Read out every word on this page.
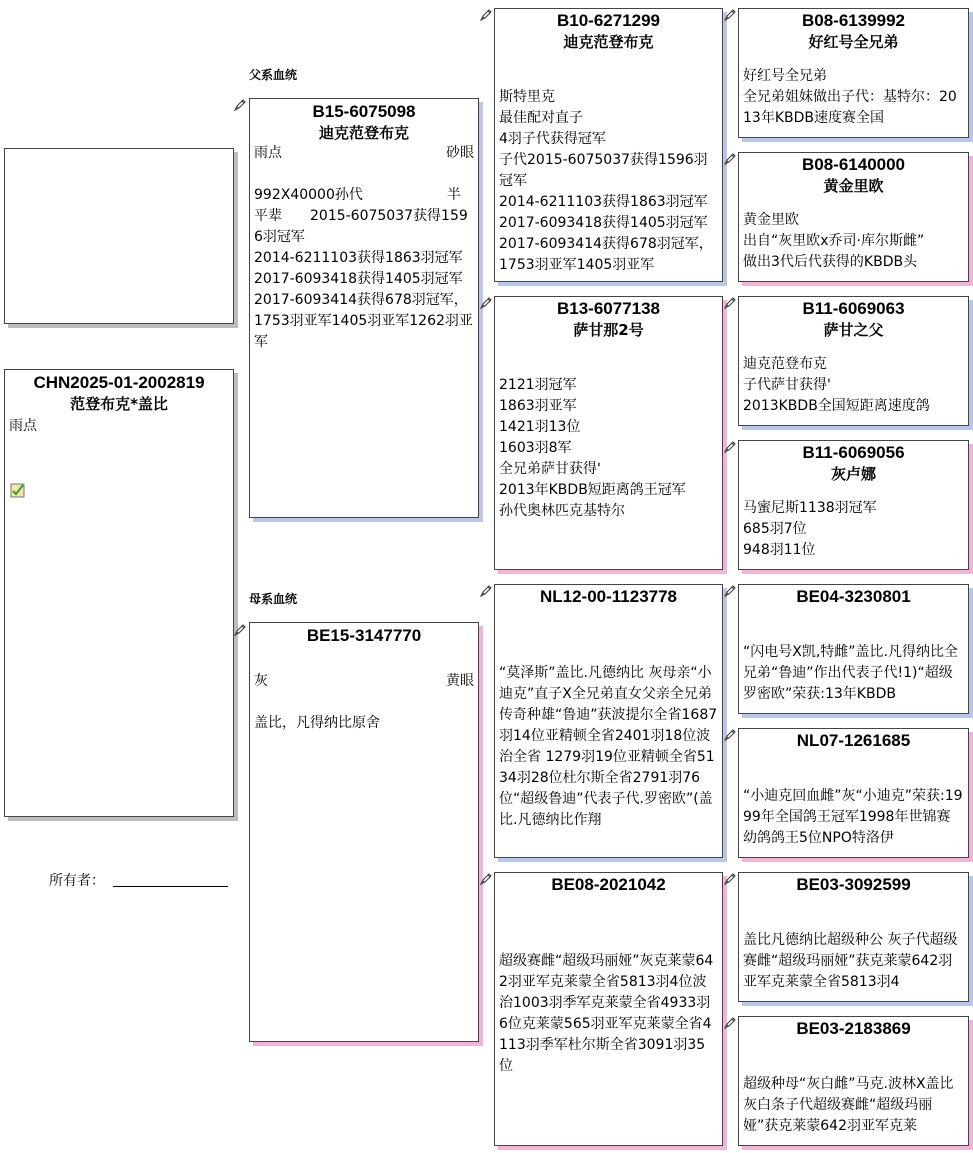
父系血统
母系血统
CHN2025-01-2002819
范登布克*盖比
雨点
所有者：
B15-6075098
迪克范登布克
雨点	砂眼
992X40000孙代　　　　　　半平辈　　2015-6075037获得1596羽冠军
2014-6211103获得1863羽冠军
2017-6093418获得1405羽冠军
2017-6093414获得678羽冠军，1753羽亚军1405羽亚军1262羽亚军
BE15-3147770
灰	黄眼
盖比，凡得纳比原舍
B10-6271299
迪克范登布克
斯特里克
最佳配对直子
4羽子代获得冠军
子代2015-6075037获得1596羽冠军
2014-6211103获得1863羽冠军
2017-6093418获得1405羽冠军
2017-6093414获得678羽冠军，1753羽亚军1405羽亚军
B13-6077138
萨甘那2号
2121羽冠军
1863羽亚军
1421羽13位
1603羽8军
全兄弟萨甘获得'
2013年KBDB短距离鸽王冠军
孙代奥林匹克基特尔
NL12-00-1123778
“莫泽斯”盖比.凡德纳比 灰母亲“小迪克”直子X全兄弟直女父亲全兄弟传奇种雄“鲁迪”获波提尔全省1687羽14位亚精顿全省2401羽18位波治全省 1279羽19位亚精顿全省5134羽28位杜尔斯全省2791羽76位“超级鲁迪”代表子代.罗密欧”(盖比.凡德纳比作翔
BE08-2021042
超级赛雌“超级玛丽娅”灰克莱蒙642羽亚军克莱蒙全省5813羽4位波治1003羽季军克莱蒙全省4933羽6位克莱蒙565羽亚军克莱蒙全省4113羽季军杜尔斯全省3091羽35位
B08-6139992
好红号全兄弟
好红号全兄弟
全兄弟姐妹做出子代：基特尔：2013年KBDB速度赛全国
B08-6140000
黄金里欧
黄金里欧
出自“灰里欧x乔司·库尔斯雌”
做出3代后代获得的KBDB头
B11-6069063
萨甘之父
迪克范登布克
子代萨甘获得'
2013KBDB全国短距离速度鸽
B11-6069056
灰卢娜
马蜜尼斯1138羽冠军
685羽7位
948羽11位
BE04-3230801
“闪电号X凯,特雌”盖比.凡得纳比全兄弟“鲁迪”作出代表子代!1)“超级罗密欧”荣获:13年KBDB
NL07-1261685
“小迪克回血雌”灰“小迪克”荣获:1999年全国鸽王冠军1998年世锦赛幼鸽鸽王5位NPO特洛伊
BE03-3092599
盖比凡德纳比超级种公 灰子代超级赛雌“超级玛丽娅”获克莱蒙642羽亚军克莱蒙全省5813羽4
BE03-2183869
超级种母“灰白雌”马克.波林X盖比 灰白条子代超级赛雌“超级玛丽娅”获克莱蒙642羽亚军克莱
